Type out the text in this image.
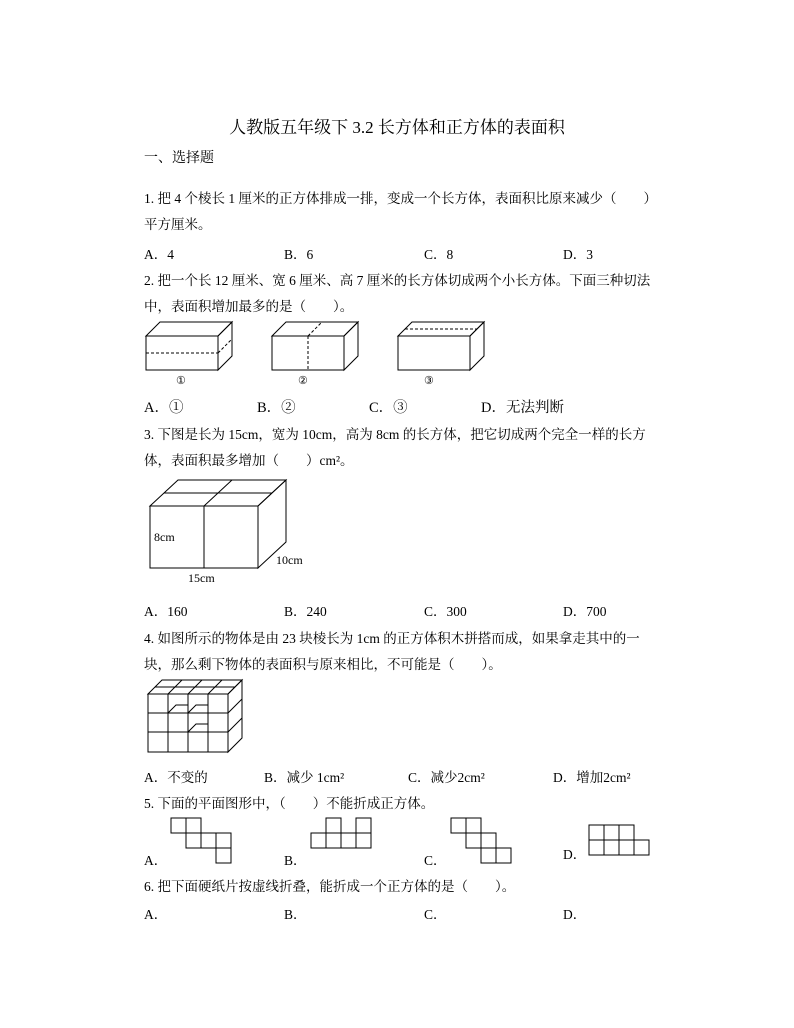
人教版五年级下 3.2 长方体和正方体的表面积
一、选择题
1. 把 4 个棱长 1 厘米的正方体排成一排，变成一个长方体，表面积比原来减少（　　）
平方厘米。
A．4	B．6	C．8	D．3
2. 把一个长 12 厘米、宽 6 厘米、高 7 厘米的长方体切成两个小长方体。下面三种切法
中，表面积增加最多的是（　　）。
①	②	③
A．①	B．②	C．③	D．无法判断
3. 下图是长为 15cm，宽为 10cm，高为 8cm 的长方体，把它切成两个完全一样的长方
体，表面积最多增加（　　）cm²。
8cm
15cm
10cm
A．160	B．240	C．300	D．700
4. 如图所示的物体是由 23 块棱长为 1cm 的正方体积木拼搭而成，如果拿走其中的一
块，那么剩下物体的表面积与原来相比，不可能是（　　）。
A．不变的	B．减少 1cm²	C．减少2cm²	D．增加2cm²
5. 下面的平面图形中，（　　）不能折成正方体。
A．	B．	C．	D．
6. 把下面硬纸片按虚线折叠，能折成一个正方体的是（　　）。
A．	B．	C．	D．
